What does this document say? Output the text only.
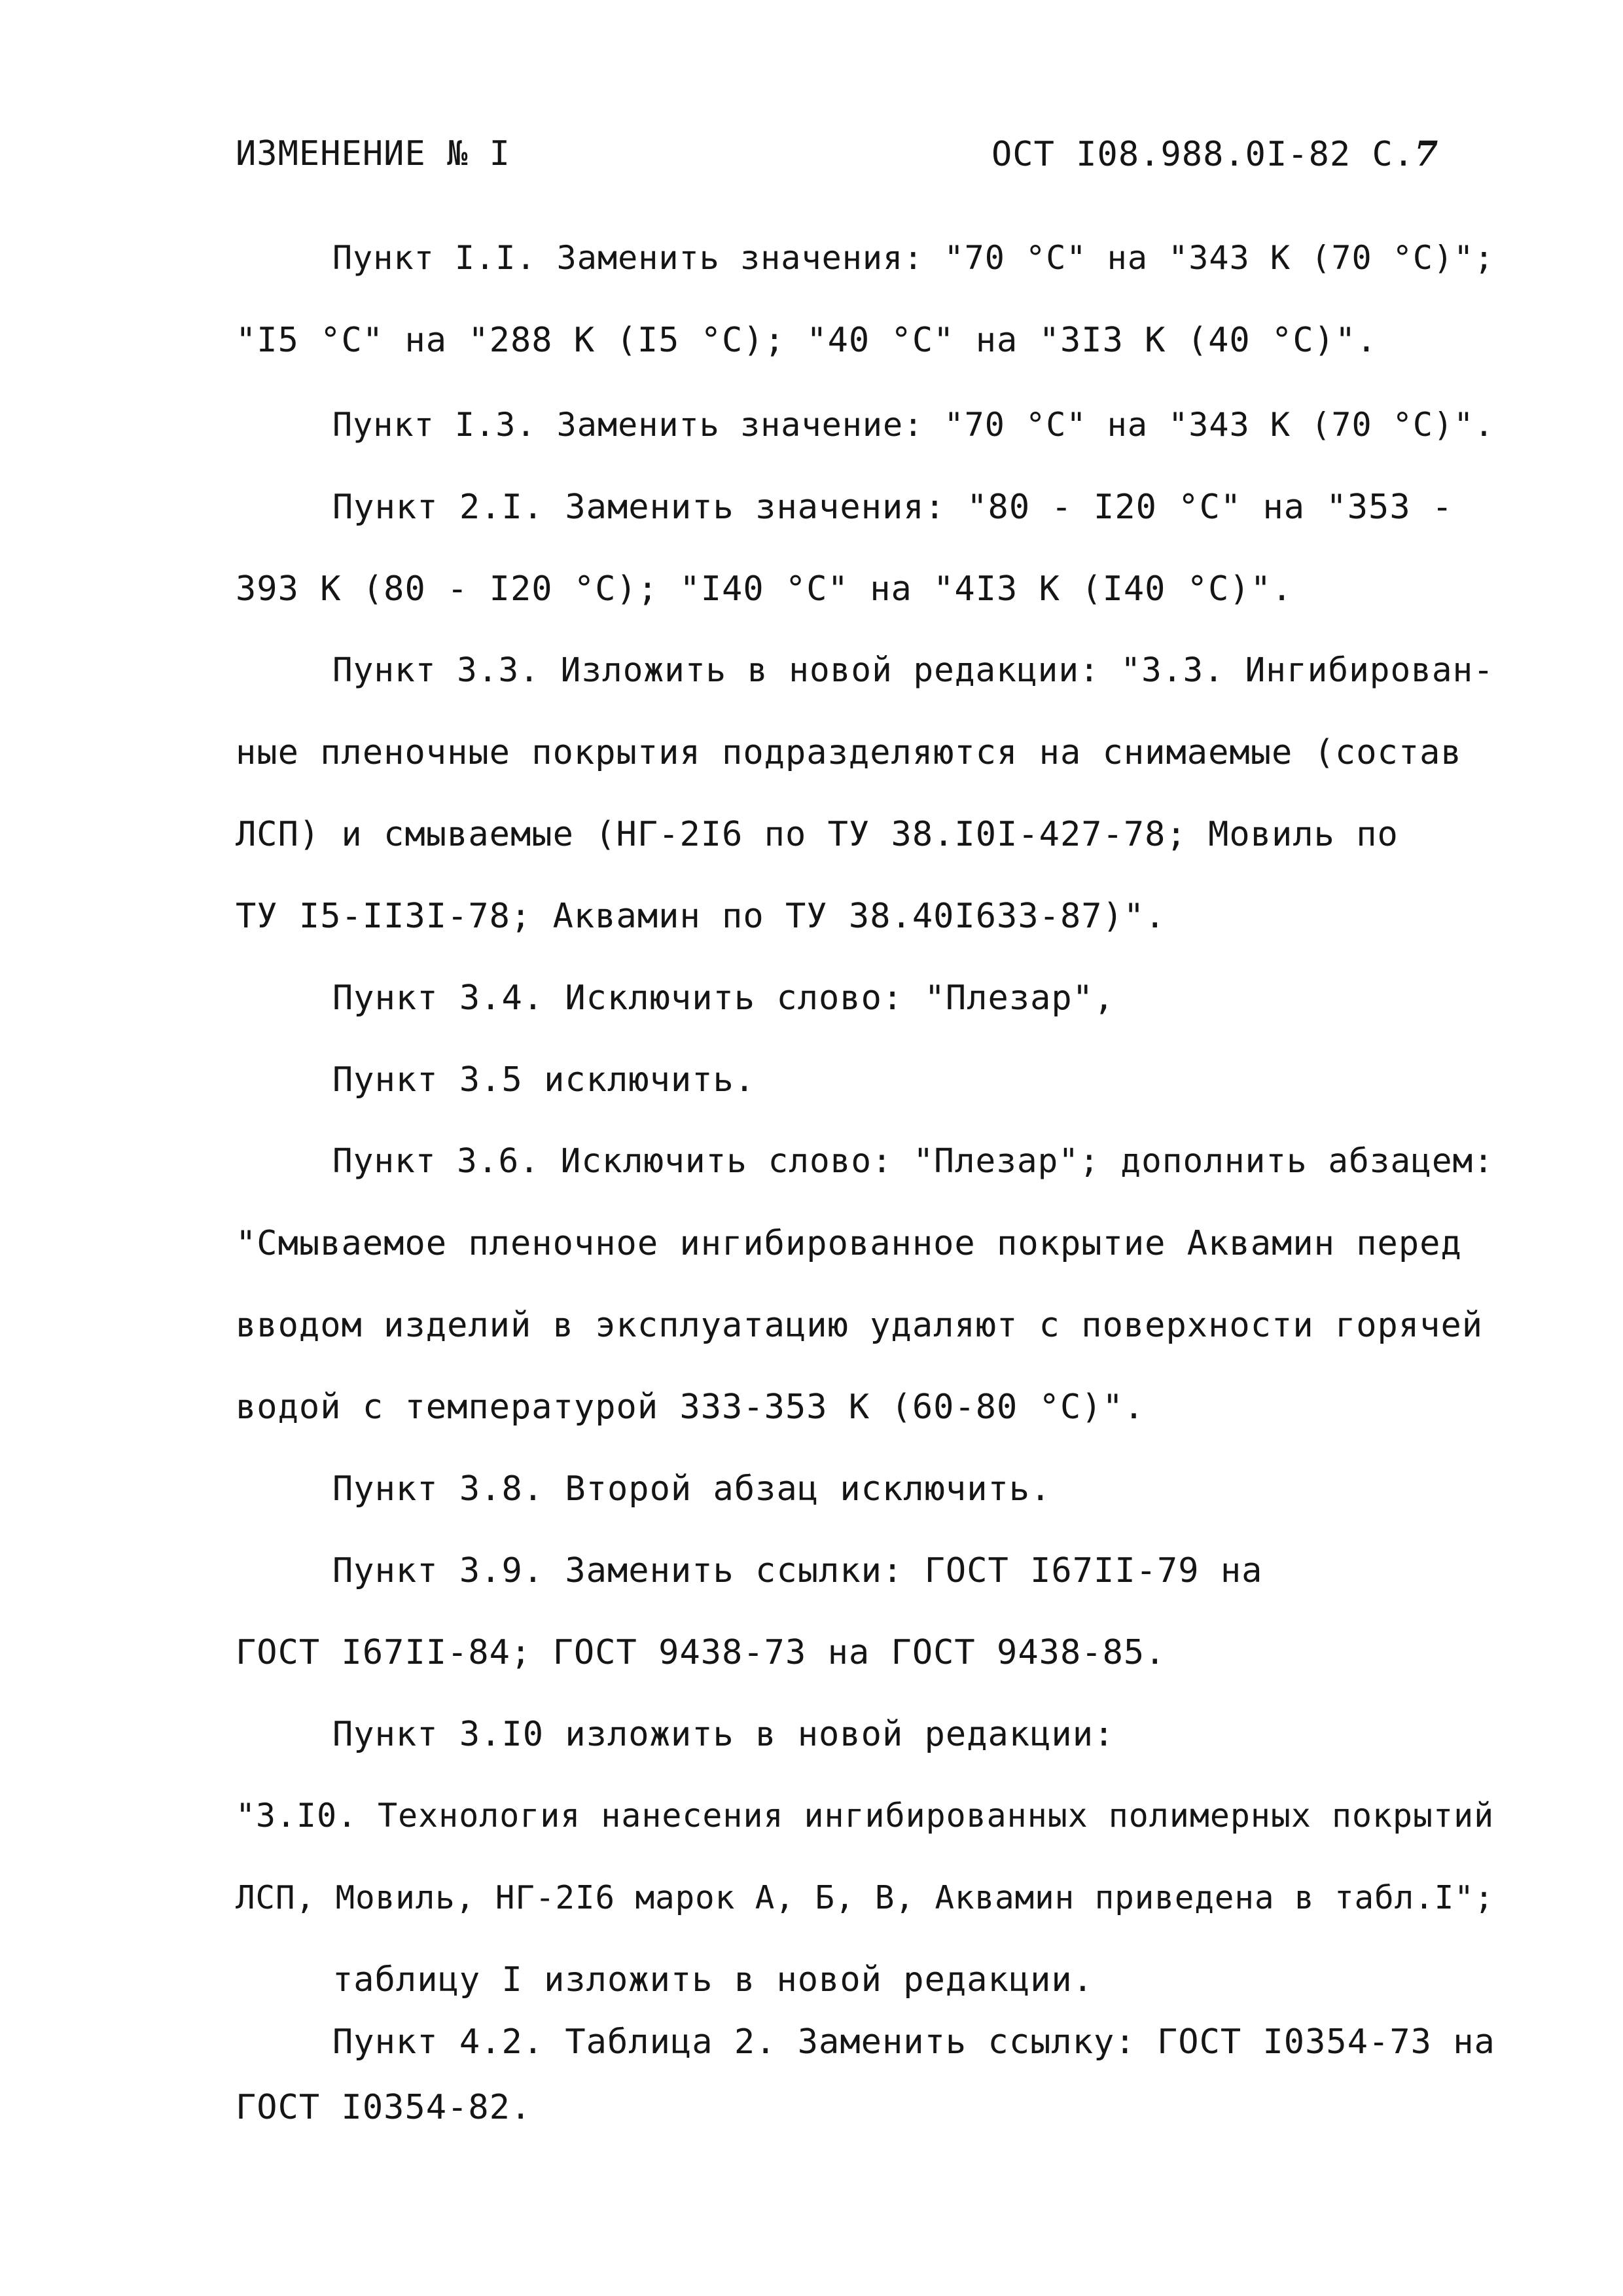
ИЗМЕНЕНИЕ № I	ОСТ I08.988.0I-82 С.7
Пункт I.I. Заменить значения: "70 °С" на "343 К (70 °С)";
"I5 °С" на "288 К (I5 °С); "40 °С" на "3I3 К (40 °С)".
Пункт I.3. Заменить значение: "70 °С" на "343 К (70 °С)".
Пункт 2.I. Заменить значения: "80 - I20 °С" на "353 -
393 К (80 - I20 °С); "I40 °С" на "4I3 К (I40 °С)".
Пункт 3.3. Изложить в новой редакции: "3.3. Ингибирован-
ные пленочные покрытия подразделяются на снимаемые (состав
ЛСП) и смываемые (НГ-2I6 по ТУ 38.I0I-427-78; Мовиль по
ТУ I5-II3I-78; Аквамин по ТУ 38.40I633-87)".
Пункт 3.4. Исключить слово: "Плезар",
Пункт 3.5 исключить.
Пункт 3.6. Исключить слово: "Плезар"; дополнить абзацем:
"Смываемое пленочное ингибированное покрытие Аквамин перед
вводом изделий в эксплуатацию удаляют с поверхности горячей
водой с температурой 333-353 К (60-80 °С)".
Пункт 3.8. Второй абзац исключить.
Пункт 3.9. Заменить ссылки: ГОСТ I67II-79 на
ГОСТ I67II-84; ГОСТ 9438-73 на ГОСТ 9438-85.
Пункт 3.I0 изложить в новой редакции:
"3.I0. Технология нанесения ингибированных полимерных покрытий
ЛСП, Мовиль, НГ-2I6 марок А, Б, В, Аквамин приведена в табл.I";
таблицу I изложить в новой редакции.
Пункт 4.2. Таблица 2. Заменить ссылку: ГОСТ I0354-73 на
ГОСТ I0354-82.
